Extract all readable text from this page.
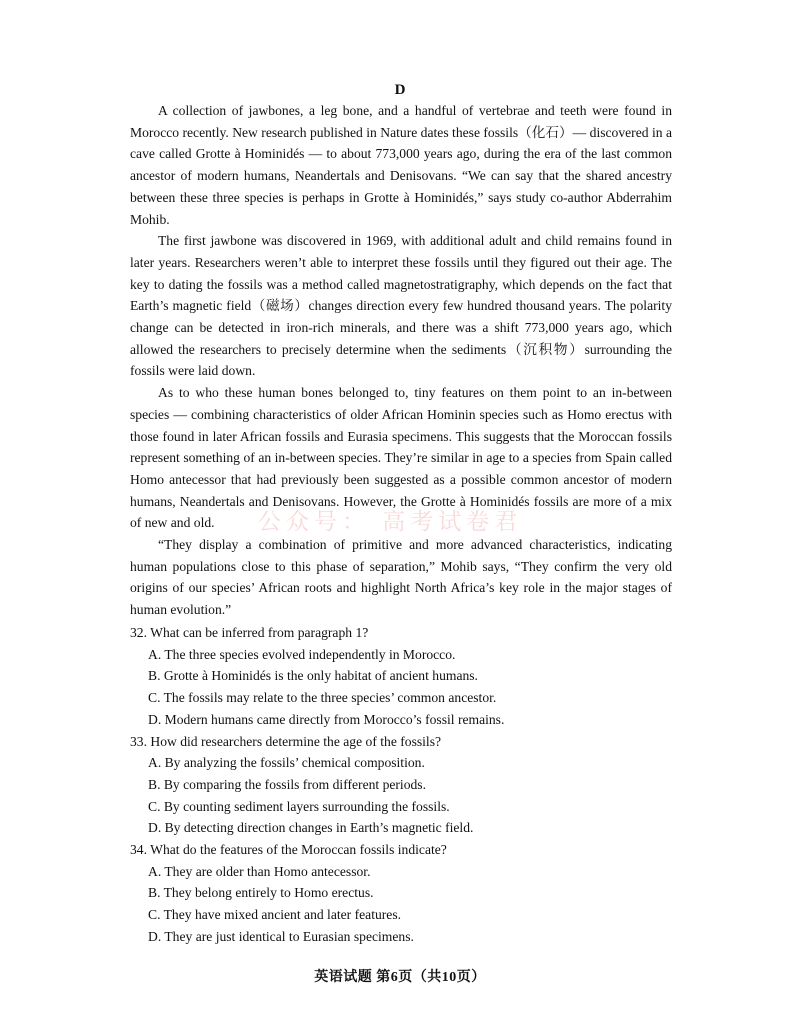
D

A collection of jawbones, a leg bone, and a handful of vertebrae and teeth were found in Morocco recently. New research published in Nature dates these fossils（化石）— discovered in a cave called Grotte à Hominidés — to about 773,000 years ago, during the era of the last common ancestor of modern humans, Neandertals and Denisovans. “We can say that the shared ancestry between these three species is perhaps in Grotte à Hominidés,” says study co-author Abderrahim Mohib.

The first jawbone was discovered in 1969, with additional adult and child remains found in later years. Researchers weren’t able to interpret these fossils until they figured out their age. The key to dating the fossils was a method called magnetostratigraphy, which depends on the fact that Earth’s magnetic field（磁场）changes direction every few hundred thousand years. The polarity change can be detected in iron-rich minerals, and there was a shift 773,000 years ago, which allowed the researchers to precisely determine when the sediments（沉积物）surrounding the fossils were laid down.

As to who these human bones belonged to, tiny features on them point to an in-between species — combining characteristics of older African Hominin species such as Homo erectus with those found in later African fossils and Eurasia specimens. This suggests that the Moroccan fossils represent something of an in-between species. They’re similar in age to a species from Spain called Homo antecessor that had previously been suggested as a possible common ancestor of modern humans, Neandertals and Denisovans. However, the Grotte à Hominidés fossils are more of a mix of new and old.

“They display a combination of primitive and more advanced characteristics, indicating human populations close to this phase of separation,” Mohib says, “They confirm the very old origins of our species’ African roots and highlight North Africa’s key role in the major stages of human evolution.”

32. What can be inferred from paragraph 1?

A. The three species evolved independently in Morocco.

B. Grotte à Hominidés is the only habitat of ancient humans.

C. The fossils may relate to the three species’ common ancestor.

D. Modern humans came directly from Morocco’s fossil remains.

33. How did researchers determine the age of the fossils?

A. By analyzing the fossils’ chemical composition.

B. By comparing the fossils from different periods.

C. By counting sediment layers surrounding the fossils.

D. By detecting direction changes in Earth’s magnetic field.

34. What do the features of the Moroccan fossils indicate?

A. They are older than Homo antecessor.

B. They belong entirely to Homo erectus.

C. They have mixed ancient and later features.

D. They are just identical to Eurasian specimens.

公众号： 高考试卷君
英语试题 第6页（共10页）
